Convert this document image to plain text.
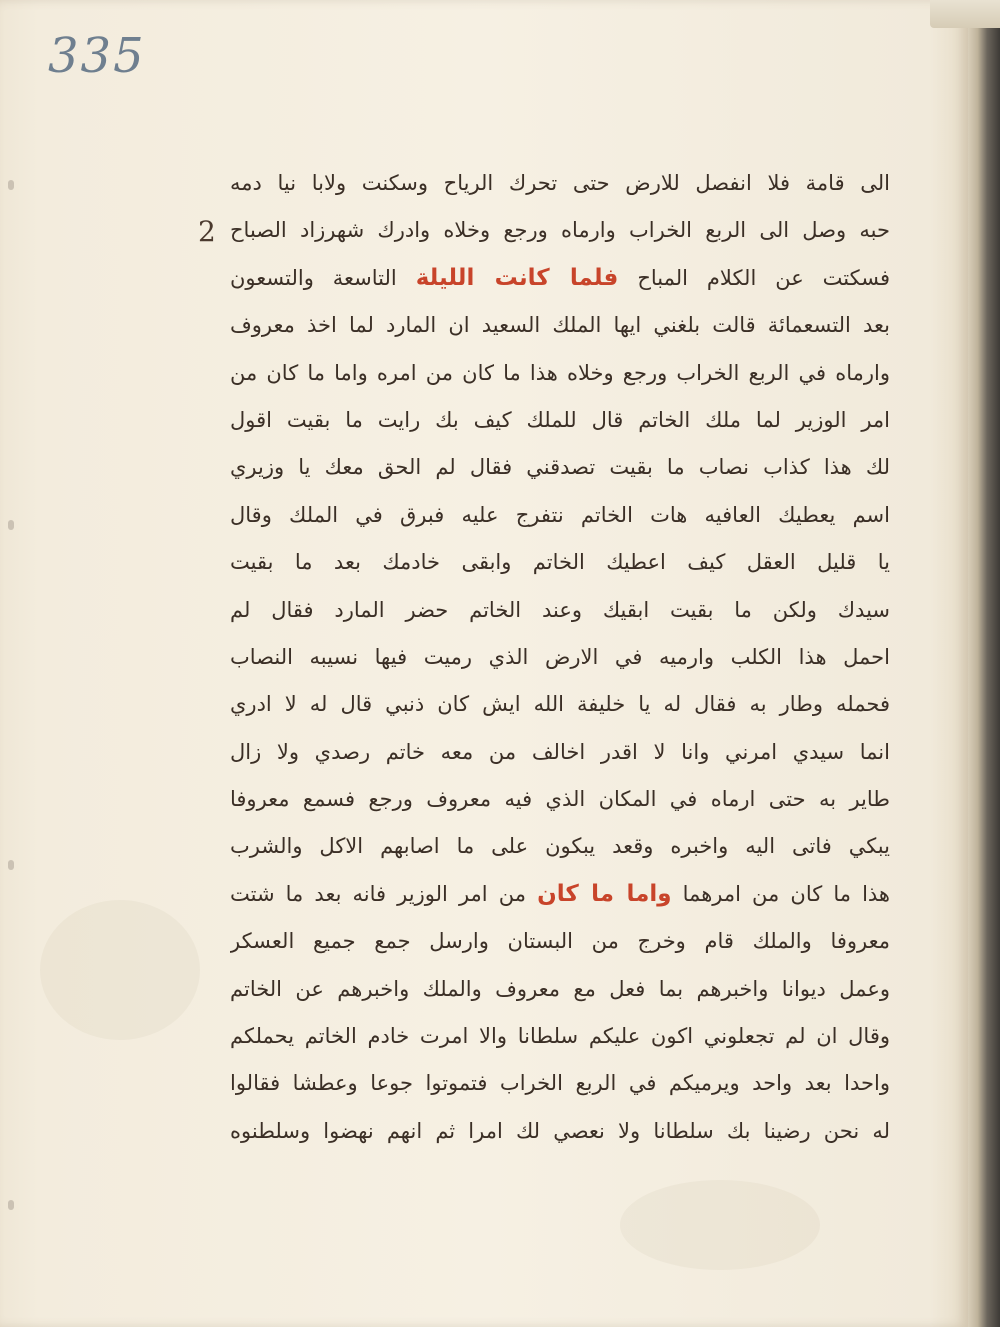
335
2
الى قامة فلا انفصل للارض حتى تحرك الرياح وسكنت ولابا نيا دمه
حبه وصل الى الربع الخراب وارماه ورجع وخلاه وادرك شهرزاد الصباح
فسكتت عن الكلام المباح فلما كانت الليلة التاسعة والتسعون
بعد التسعمائة قالت بلغني ايها الملك السعيد ان المارد لما اخذ معروف
وارماه في الربع الخراب ورجع وخلاه هذا ما كان من امره واما ما كان من
امر الوزير لما ملك الخاتم قال للملك كيف بك رايت ما بقيت اقول
لك هذا كذاب نصاب ما بقيت تصدقني فقال لم الحق معك يا وزيري
اسم يعطيك العافيه هات الخاتم نتفرج عليه فبرق في الملك وقال
يا قليل العقل كيف اعطيك الخاتم وابقى خادمك بعد ما بقيت
سيدك ولكن ما بقيت ابقيك وعند الخاتم حضر المارد فقال لم
احمل هذا الكلب وارميه في الارض الذي رميت فيها نسيبه النصاب
فحمله وطار به فقال له يا خليفة الله ايش كان ذنبي قال له لا ادري
انما سيدي امرني وانا لا اقدر اخالف من معه خاتم رصدي ولا زال
طاير به حتى ارماه في المكان الذي فيه معروف ورجع فسمع معروفا
يبكي فاتى اليه واخبره وقعد يبكون على ما اصابهم الاكل والشرب
هذا ما كان من امرهما واما ما كان من امر الوزير فانه بعد ما شتت
معروفا والملك قام وخرج من البستان وارسل جمع جميع العسكر
وعمل ديوانا واخبرهم بما فعل مع معروف والملك واخبرهم عن الخاتم
وقال ان لم تجعلوني اكون عليكم سلطانا والا امرت خادم الخاتم يحملكم
واحدا بعد واحد ويرميكم في الربع الخراب فتموتوا جوعا وعطشا فقالوا
له نحن رضينا بك سلطانا ولا نعصي لك امرا ثم انهم نهضوا وسلطنوه
